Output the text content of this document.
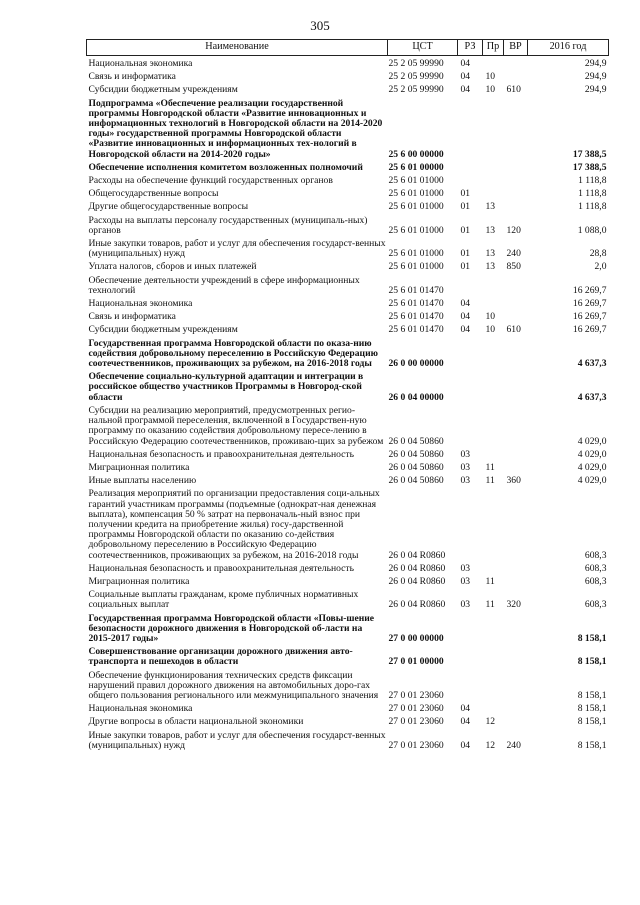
305
Наименование	ЦСТ	РЗ	Пр	ВР	2016 год
Национальная экономика	25 2 05 99990	04			294,9
Связь и информатика	25 2 05 99990	04	10		294,9
Субсидии бюджетным учреждениям	25 2 05 99990	04	10	610	294,9
Подпрограмма «Обеспечение реализации государственной программы Новгородской области «Развитие инновационных и информационных технологий в Новгородской области на 2014-2020 годы» государственной программы Новгородской области «Развитие инновационных и информационных тех-нологий в Новгородской области на 2014-2020 годы»	25 6 00 00000				17 388,5
Обеспечение исполнения комитетом возложенных полномочий	25 6 01 00000				17 388,5
Расходы на обеспечение функций государственных органов	25 6 01 01000				1 118,8
Общегосударственные вопросы	25 6 01 01000	01			1 118,8
Другие общегосударственные вопросы	25 6 01 01000	01	13		1 118,8
Расходы на выплаты персоналу государственных (муниципаль-ных) органов	25 6 01 01000	01	13	120	1 088,0
Иные закупки товаров, работ и услуг для обеспечения государст-венных (муниципальных) нужд	25 6 01 01000	01	13	240	28,8
Уплата налогов, сборов и иных платежей	25 6 01 01000	01	13	850	2,0
Обеспечение деятельности учреждений в сфере информационных технологий	25 6 01 01470				16 269,7
Национальная экономика	25 6 01 01470	04			16 269,7
Связь и информатика	25 6 01 01470	04	10		16 269,7
Субсидии бюджетным учреждениям	25 6 01 01470	04	10	610	16 269,7
Государственная программа Новгородской области по оказа-нию содействия добровольному переселению в Российскую Федерацию соотечественников, проживающих за рубежом, на 2016-2018 годы	26 0 00 00000				4 637,3
Обеспечение социально-культурной адаптации и интеграции в российское общество участников Программы в Новгород-ской области	26 0 04 00000				4 637,3
Субсидии на реализацию мероприятий, предусмотренных регио-нальной программой переселения, включенной в Государствен-ную программу по оказанию содействия добровольному пересе-лению в Российскую Федерацию соотечественников, проживаю-щих за рубежом	26 0 04 50860				4 029,0
Национальная безопасность и правоохранительная деятельность	26 0 04 50860	03			4 029,0
Миграционная политика	26 0 04 50860	03	11		4 029,0
Иные выплаты населению	26 0 04 50860	03	11	360	4 029,0
Реализация мероприятий по организации предоставления соци-альных гарантий участникам программы (подъемные (однократ-ная денежная выплата), компенсация 50 % затрат на первоначаль-ный взнос при получении кредита на приобретение жилья) госу-дарственной программы Новгородской области по оказанию со-действия добровольному переселению в Российскую Федерацию соотечественников, проживающих за рубежом, на 2016-2018 годы	26 0 04 R0860				608,3
Национальная безопасность и правоохранительная деятельность	26 0 04 R0860	03			608,3
Миграционная политика	26 0 04 R0860	03	11		608,3
Социальные выплаты гражданам, кроме публичных нормативных социальных выплат	26 0 04 R0860	03	11	320	608,3
Государственная программа Новгородской области «Повы-шение безопасности дорожного движения в Новгородской об-ласти на 2015-2017 годы»	27 0 00 00000				8 158,1
Совершенствование организации дорожного движения авто-транспорта и пешеходов в области	27 0 01 00000				8 158,1
Обеспечение функционирования технических средств фиксации нарушений правил дорожного движения на автомобильных доро-гах общего пользования регионального или межмуниципального значения	27 0 01 23060				8 158,1
Национальная экономика	27 0 01 23060	04			8 158,1
Другие вопросы в области национальной экономики	27 0 01 23060	04	12		8 158,1
Иные закупки товаров, работ и услуг для обеспечения государст-венных (муниципальных) нужд	27 0 01 23060	04	12	240	8 158,1
